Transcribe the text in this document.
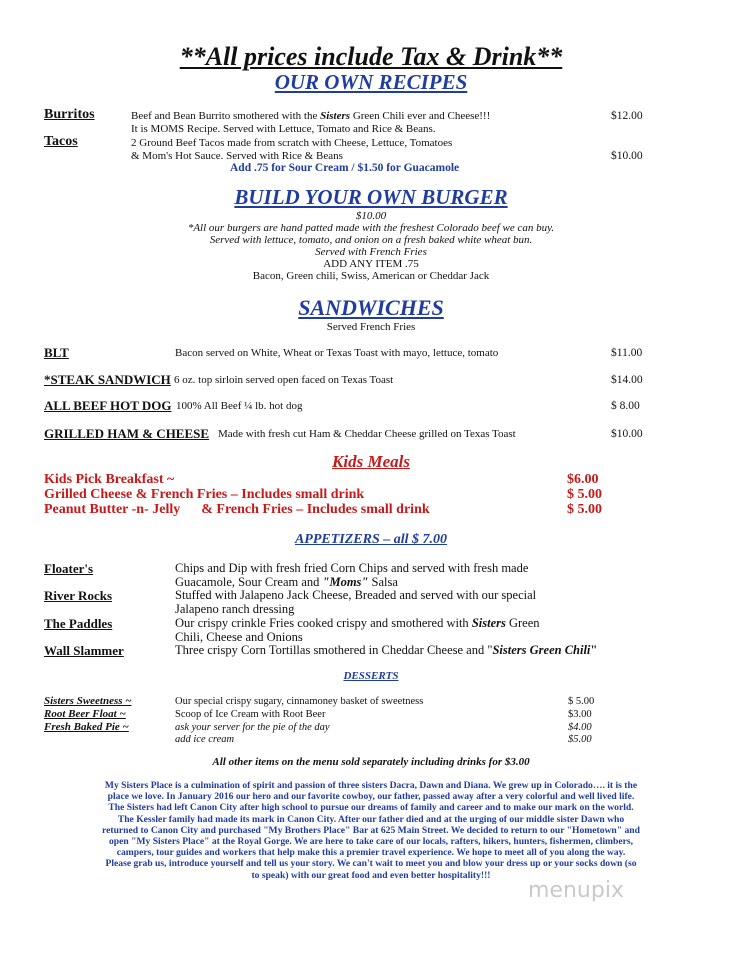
**All prices include Tax & Drink**
OUR OWN RECIPES
Burritos	Beef and Bean Burrito smothered with the Sisters Green Chili ever and Cheese!!!
It is MOMS Recipe. Served with Lettuce, Tomato and Rice & Beans.
$12.00
Tacos	2 Ground Beef Tacos made from scratch with Cheese, Lettuce, Tomatoes
& Mom's Hot Sauce. Served with Rice & Beans	$10.00
Add .75 for Sour Cream / $1.50 for Guacamole
BUILD YOUR OWN BURGER
$10.00
*All our burgers are hand patted made with the freshest Colorado beef we can buy.
Served with lettuce, tomato, and onion on a fresh baked white wheat bun.
Served with French Fries
ADD ANY ITEM .75
Bacon, Green chili, Swiss, American or Cheddar Jack
SANDWICHES
Served French Fries
BLT	Bacon served on White, Wheat or Texas Toast with mayo, lettuce, tomato	$11.00
*STEAK SANDWICH 6 oz. top sirloin served open faced on Texas Toast	$14.00
ALL BEEF HOT DOG 100% All Beef ¼ lb. hot dog	$ 8.00
GRILLED HAM & CHEESE Made with fresh cut Ham & Cheddar Cheese grilled on Texas Toast	$10.00
Kids Meals
Kids Pick Breakfast ~	$6.00
Grilled Cheese & French Fries – Includes small drink	$ 5.00
Peanut Butter -n- Jelly      & French Fries – Includes small drink	$ 5.00
APPETIZERS – all $ 7.00
Floater's	Chips and Dip with fresh fried Corn Chips and served with fresh made
Guacamole, Sour Cream and "Moms" Salsa
River Rocks	Stuffed with Jalapeno Jack Cheese, Breaded and served with our special
Jalapeno ranch dressing
The Paddles	Our crispy crinkle Fries cooked crispy and smothered with Sisters Green
Chili, Cheese and Onions
Wall Slammer	Three crispy Corn Tortillas smothered in Cheddar Cheese and "Sisters Green Chili"
DESSERTS
Sisters Sweetness ~	Our special crispy sugary, cinnamoney basket of sweetness	$ 5.00
Root Beer Float ~	Scoop of Ice Cream with Root Beer	$3.00
Fresh Baked Pie ~	ask your server for the pie of the day	$4.00
add ice cream	$5.00
All other items on the menu sold separately including drinks for $3.00
My Sisters Place is a culmination of spirit and passion of three sisters Dacra, Dawn and Diana. We grew up in Colorado…. it is the
place we love. In January 2016 our hero and our favorite cowboy, our father, passed away after a very colorful and well lived life.
The Sisters had left Canon City after high school to pursue our dreams of family and career and to make our mark on the world.
The Kessler family had made its mark in Canon City. After our father died and at the urging of our middle sister Dawn who
returned to Canon City and purchased "My Brothers Place" Bar at 625 Main Street. We decided to return to our "Hometown" and
open "My Sisters Place" at the Royal Gorge. We are here to take care of our locals, rafters, hikers, hunters, fishermen, climbers,
campers, tour guides and workers that help make this a premier travel experience. We hope to meet all of you along the way.
Please grab us, introduce yourself and tell us your story. We can't wait to meet you and blow your dress up or your socks down (so
to speak) with our great food and even better hospitality!!!
menupix
